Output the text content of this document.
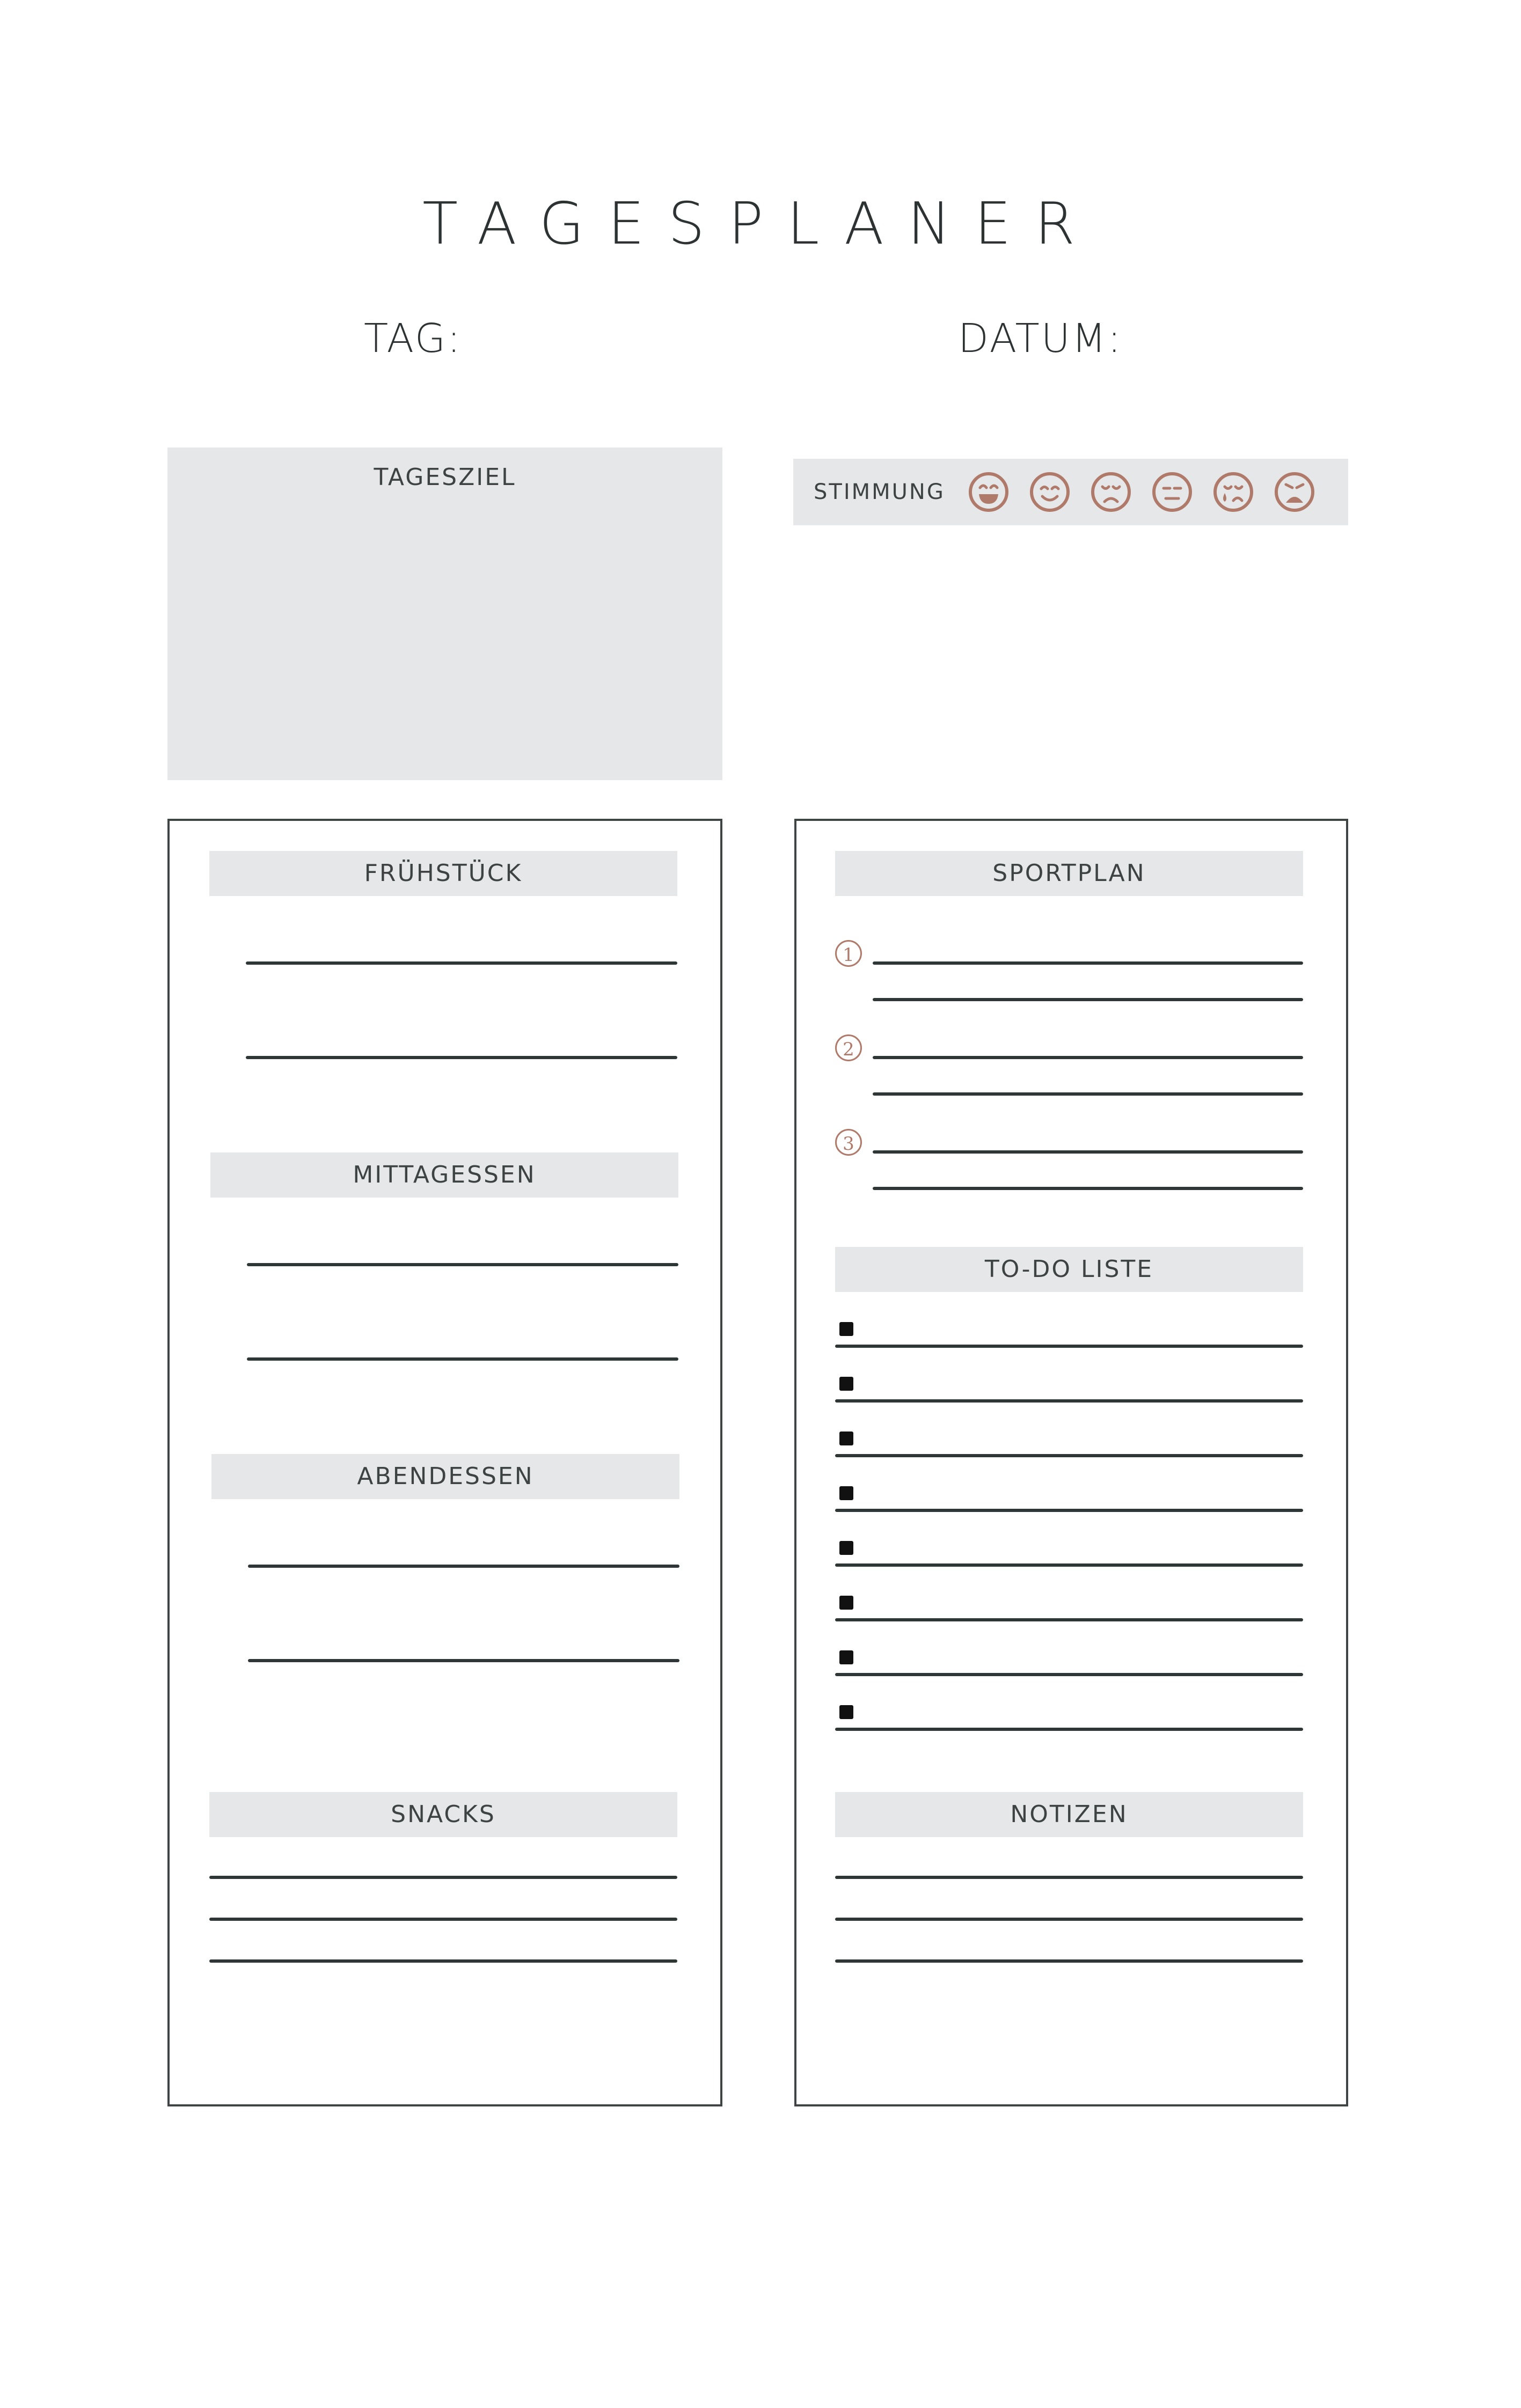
TAGESPLANER
TAG:	DATUM:
TAGESZIEL
STIMMUNG
FRÜHSTÜCK
MITTAGESSEN
ABENDESSEN
SNACKS
SPORTPLAN
1
2
3
TO-DO LISTE
NOTIZEN
